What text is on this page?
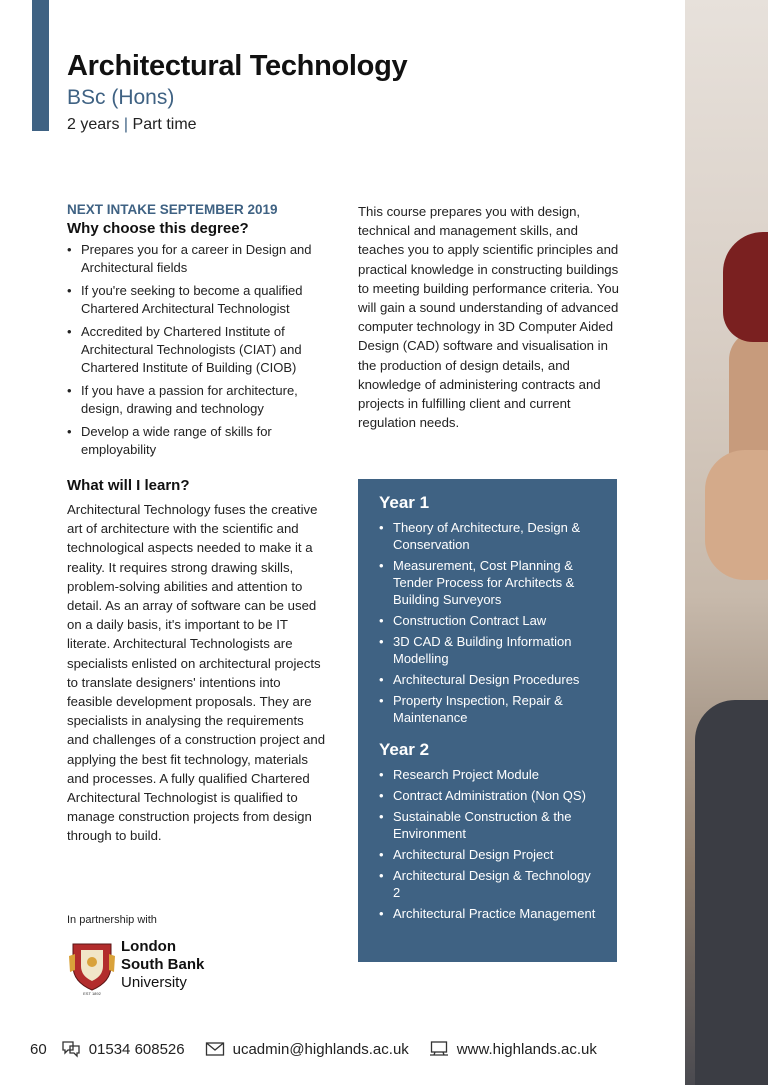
Architectural Technology
BSc (Hons)
2 years | Part time
NEXT INTAKE SEPTEMBER 2019
Why choose this degree?
• Prepares you for a career in Design and Architectural fields
• If you're seeking to become a qualified Chartered Architectural Technologist
• Accredited by Chartered Institute of Architectural Technologists (CIAT) and Chartered Institute of Building (CIOB)
• If you have a passion for architecture, design, drawing and technology
• Develop a wide range of skills for employability
What will I learn?

Architectural Technology fuses the creative art of architecture with the scientific and technological aspects needed to make it a reality. It requires strong drawing skills, problem-solving abilities and attention to detail. As an array of software can be used on a daily basis, it's important to be IT literate. Architectural Technologists are specialists enlisted on architectural projects to translate designers' intentions into feasible development proposals. They are specialists in analysing the requirements and challenges of a construction project and applying the best fit technology, materials and processes. A fully qualified Chartered Architectural Technologist is qualified to manage construction projects from design through to build.

This course prepares you with design, technical and management skills, and teaches you to apply scientific principles and practical knowledge in constructing buildings to meeting building performance criteria. You will gain a sound understanding of advanced computer technology in 3D Computer Aided Design (CAD) software and visualisation in the production of design details, and knowledge of administering contracts and projects in fulfilling client and current regulation needs.
Year 1
• Theory of Architecture, Design & Conservation
• Measurement, Cost Planning & Tender Process for Architects & Building Surveyors
• Construction Contract Law
• 3D CAD & Building Information Modelling
• Architectural Design Procedures
• Property Inspection, Repair & Maintenance
Year 2
• Research Project Module
• Contract Administration (Non QS)
• Sustainable Construction & the Environment
• Architectural Design Project
• Architectural Design & Technology 2
• Architectural Practice Management
In partnership with
EST 1892
London
South Bank
University
60	01534 608526	ucadmin@highlands.ac.uk	www.highlands.ac.uk
